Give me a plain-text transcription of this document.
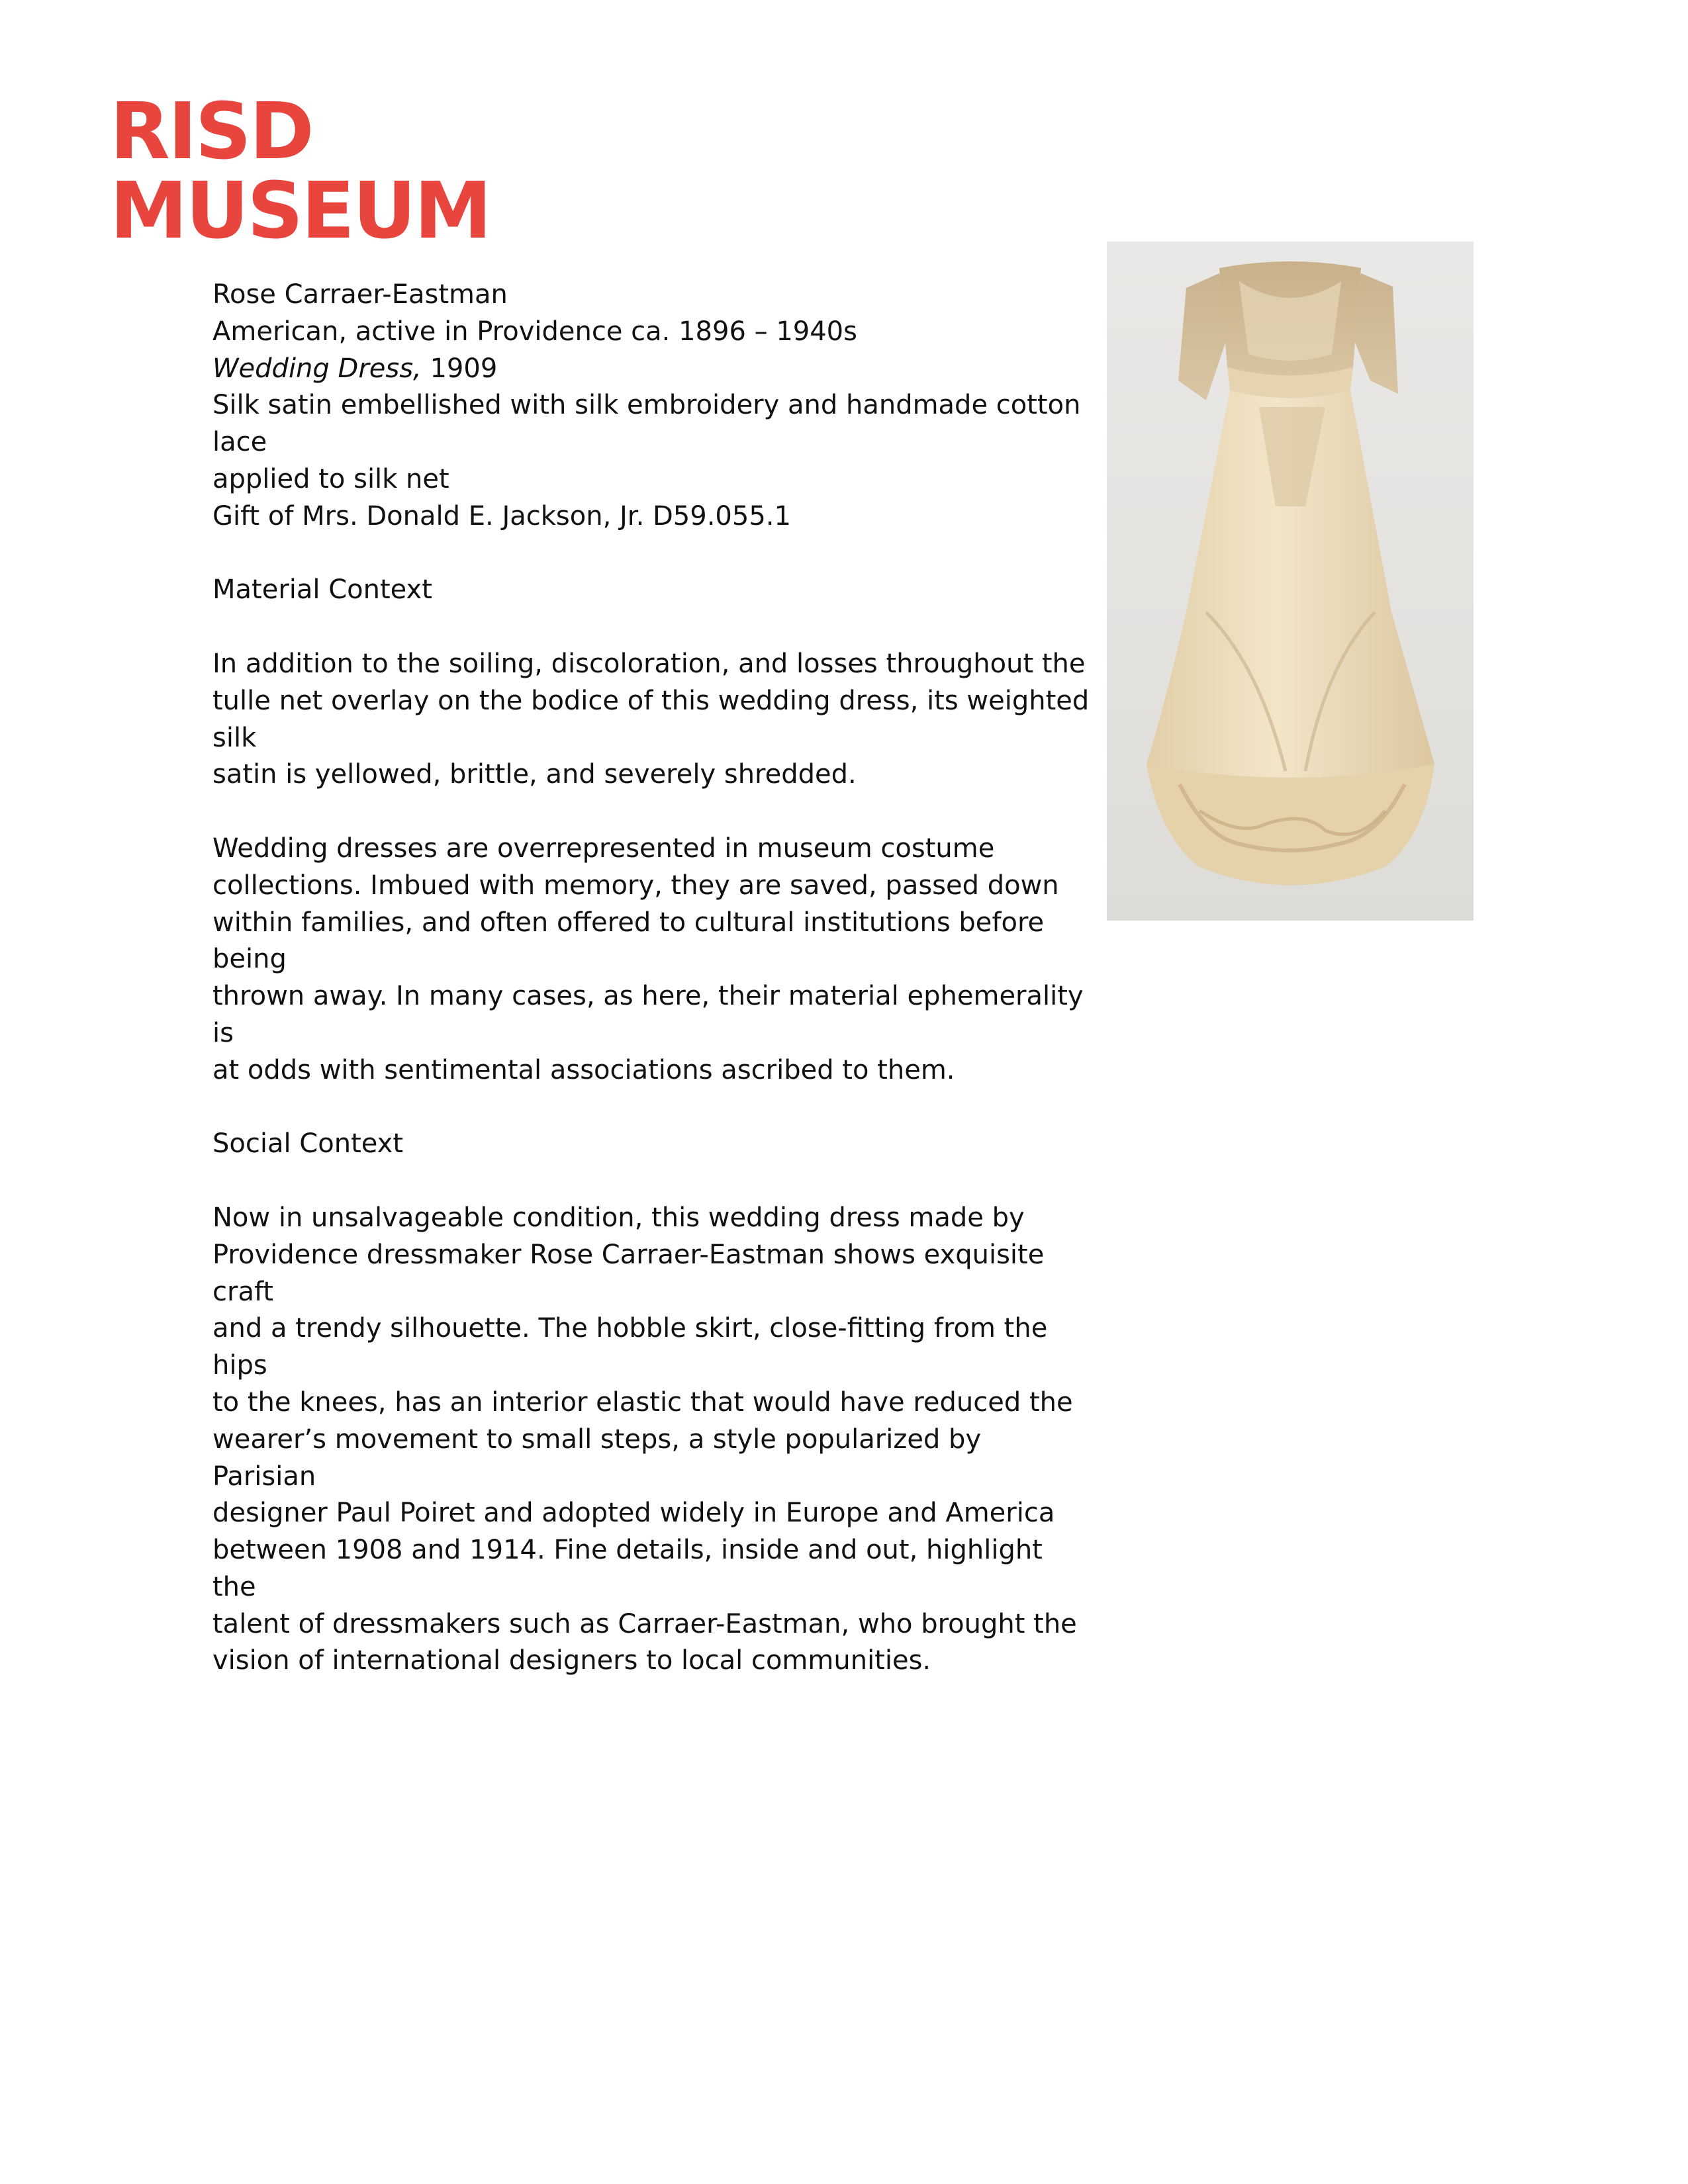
RISD
MUSEUM

Rose Carraer-Eastman

American, active in Providence ca. 1896 – 1940s

Wedding Dress, 1909

Silk satin embellished with silk embroidery and handmade cotton lace

applied to silk net

Gift of Mrs. Donald E. Jackson, Jr. D59.055.1

Material Context

In addition to the soiling, discoloration, and losses throughout the

tulle net overlay on the bodice of this wedding dress, its weighted silk

satin is yellowed, brittle, and severely shredded.

Wedding dresses are overrepresented in museum costume

collections. Imbued with memory, they are saved, passed down

within families, and often offered to cultural institutions before being

thrown away. In many cases, as here, their material ephemerality is

at odds with sentimental associations ascribed to them.

Social Context

Now in unsalvageable condition, this wedding dress made by

Providence dressmaker Rose Carraer-Eastman shows exquisite craft

and a trendy silhouette. The hobble skirt, close-fitting from the hips

to the knees, has an interior elastic that would have reduced the

wearer’s movement to small steps, a style popularized by Parisian

designer Paul Poiret and adopted widely in Europe and America

between 1908 and 1914. Fine details, inside and out, highlight the

talent of dressmakers such as Carraer-Eastman, who brought the

vision of international designers to local communities.
